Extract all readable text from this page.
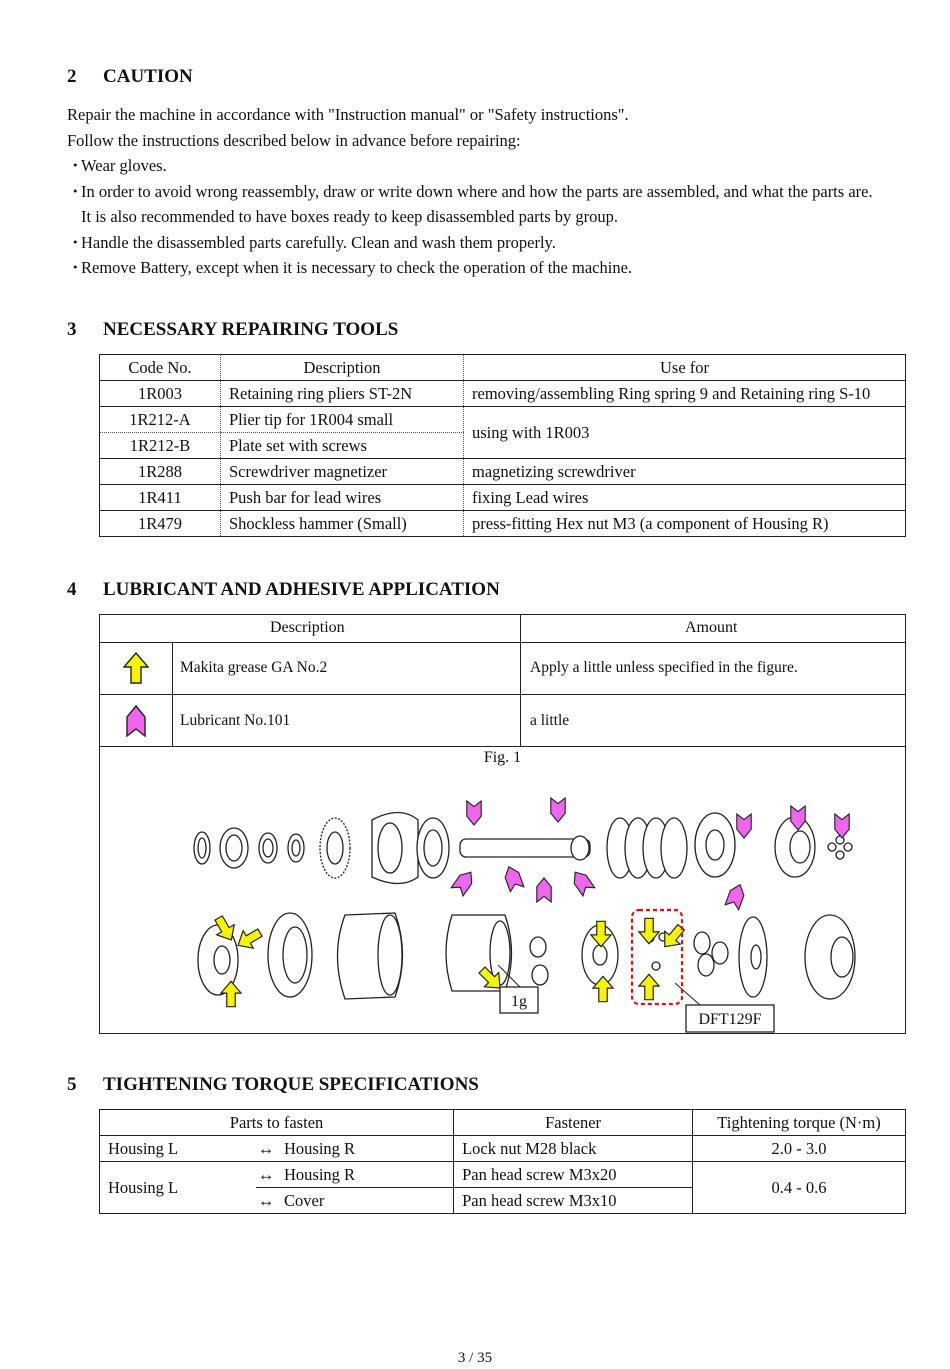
2 CAUTION

Repair the machine in accordance with "Instruction manual" or "Safety instructions".

Follow the instructions described below in advance before repairing:

・
Wear gloves.

・
In order to avoid wrong reassembly, draw or write down where and how the parts are assembled, and what the parts are.

It is also recommended to have boxes ready to keep disassembled parts by group.

・
Handle the disassembled parts carefully. Clean and wash them properly.

・
Remove Battery, except when it is necessary to check the operation of the machine.

3 NECESSARY REPAIRING TOOLS
Code No.	Description	Use for
1R003	Retaining ring pliers ST-2N	removing/assembling Ring spring 9 and Retaining ring S-10
1R212-A	Plier tip for 1R004 small	using with 1R003
1R212-B	Plate set with screws	
1R288	Screwdriver magnetizer	magnetizing screwdriver
1R411	Push bar for lead wires	fixing Lead wires
1R479	Shockless hammer (Small)	press-fitting Hex nut M3 (a component of Housing R)
4 LUBRICANT AND ADHESIVE APPLICATION
Description	Amount
Makita grease GA No.2	Apply a little unless specified in the figure.
Lubricant No.101	a little
Fig. 1
1g
DFT129F
5 TIGHTENING TORQUE SPECIFICATIONS
Parts to fasten			Fastener	Tightening torque (N·m)
Housing L	↔	Housing R	Lock nut M28 black	2.0 - 3.0
Housing L	↔	Housing R	Pan head screw M3x20	0.4 - 0.6
	↔	Cover	Pan head screw M3x10	
3 / 35
